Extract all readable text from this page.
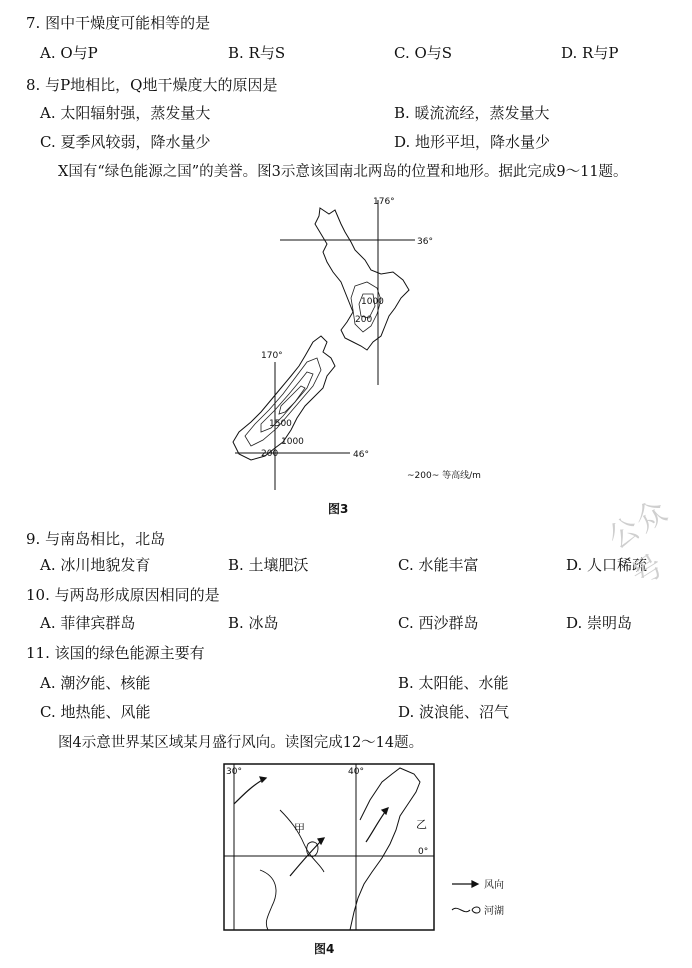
7. 图中干燥度可能相等的是
A. O与P	B. R与S	C. O与S	D. R与P
8. 与P地相比，Q地干燥度大的原因是
A. 太阳辐射强，蒸发量大	B. 暖流流经，蒸发量大
C. 夏季风较弱，降水量少	D. 地形平坦，降水量少
X国有“绿色能源之国”的美誉。图3示意该国南北两岛的位置和地形。据此完成9～11题。
176°
36°
170°
46°
1000
200
1500
1000
200
~200~ 等高线/m
图3
9. 与南岛相比，北岛
A. 冰川地貌发育	B. 土壤肥沃	C. 水能丰富	D. 人口稀疏
10. 与两岛形成原因相同的是
A. 菲律宾群岛	B. 冰岛	C. 西沙群岛	D. 崇明岛
11. 该国的绿色能源主要有
A. 潮汐能、核能	B. 太阳能、水能
C. 地热能、风能	D. 波浪能、沼气
图4示意世界某区域某月盛行风向。读图完成12～14题。
30°	40°
0°
甲	乙
风向
河湖
图4
公众号
